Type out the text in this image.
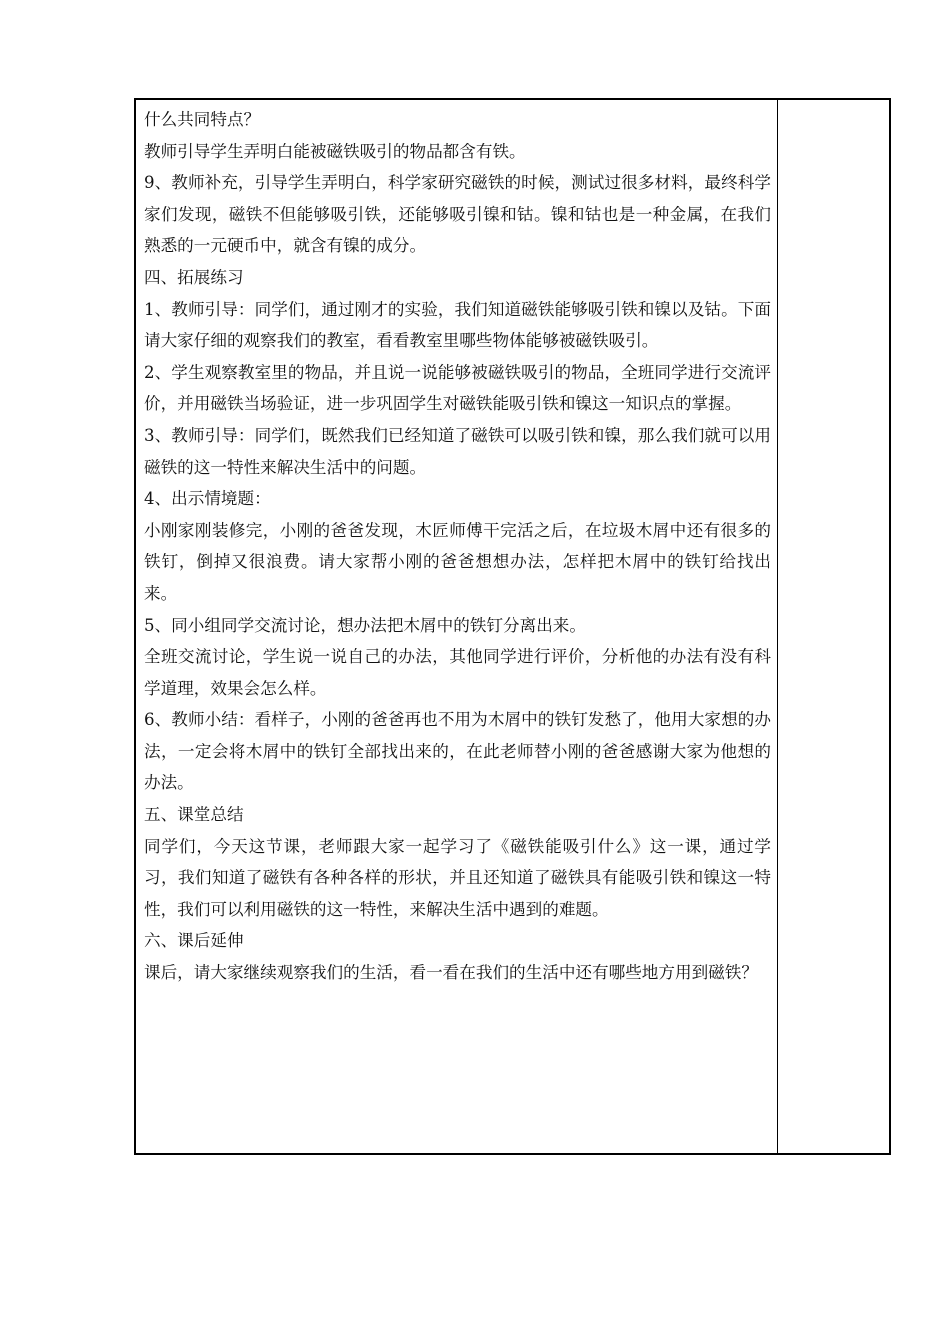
什么共同特点？

教师引导学生弄明白能被磁铁吸引的物品都含有铁。

9、教师补充，引导学生弄明白，科学家研究磁铁的时候，测试过很多材料，最终科学家们发现，磁铁不但能够吸引铁，还能够吸引镍和钴。镍和钴也是一种金属，在我们熟悉的一元硬币中，就含有镍的成分。

四、拓展练习

1、教师引导：同学们，通过刚才的实验，我们知道磁铁能够吸引铁和镍以及钴。下面请大家仔细的观察我们的教室，看看教室里哪些物体能够被磁铁吸引。

2、学生观察教室里的物品，并且说一说能够被磁铁吸引的物品，全班同学进行交流评价，并用磁铁当场验证，进一步巩固学生对磁铁能吸引铁和镍这一知识点的掌握。

3、教师引导：同学们，既然我们已经知道了磁铁可以吸引铁和镍，那么我们就可以用磁铁的这一特性来解决生活中的问题。

4、出示情境题：

小刚家刚装修完，小刚的爸爸发现，木匠师傅干完活之后，在垃圾木屑中还有很多的铁钉，倒掉又很浪费。请大家帮小刚的爸爸想想办法，怎样把木屑中的铁钉给找出来。

5、同小组同学交流讨论，想办法把木屑中的铁钉分离出来。

全班交流讨论，学生说一说自己的办法，其他同学进行评价，分析他的办法有没有科学道理，效果会怎么样。

6、教师小结：看样子，小刚的爸爸再也不用为木屑中的铁钉发愁了，他用大家想的办法，一定会将木屑中的铁钉全部找出来的，在此老师替小刚的爸爸感谢大家为他想的办法。

五、课堂总结

同学们，今天这节课，老师跟大家一起学习了《磁铁能吸引什么》这一课，通过学习，我们知道了磁铁有各种各样的形状，并且还知道了磁铁具有能吸引铁和镍这一特性，我们可以利用磁铁的这一特性，来解决生活中遇到的难题。

六、课后延伸

课后，请大家继续观察我们的生活，看一看在我们的生活中还有哪些地方用到磁铁？
